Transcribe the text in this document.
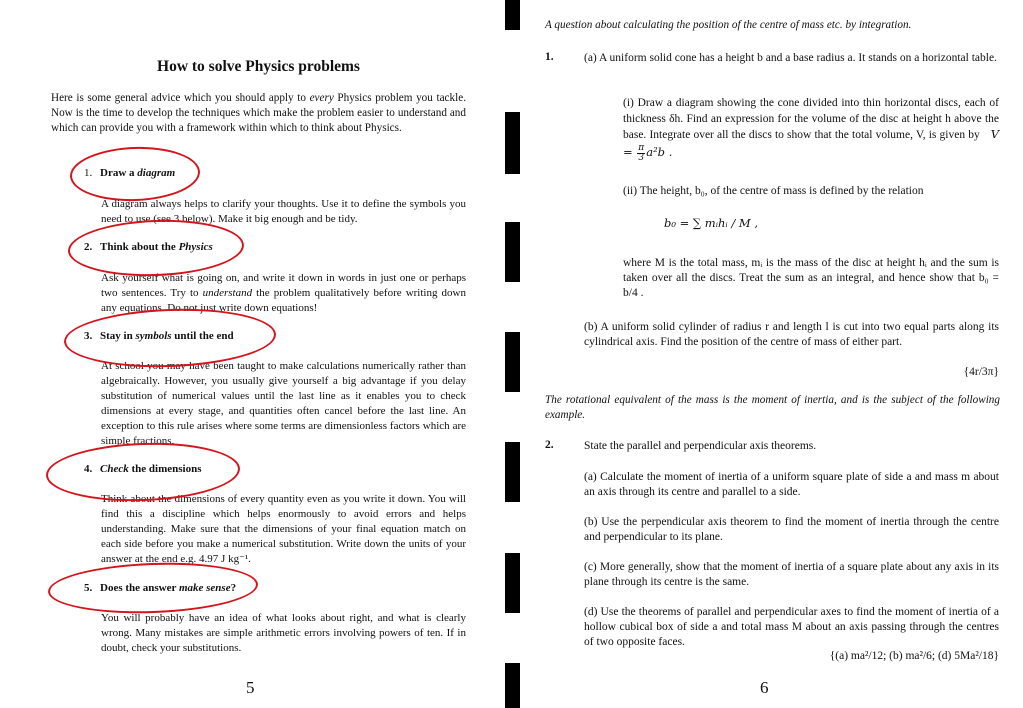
How to solve Physics problems
Here is some general advice which you should apply to every Physics problem you tackle. Now is the time to develop the techniques which make the problem easier to understand and which can provide you with a framework within which to think about Physics.
1. Draw a diagram
A diagram always helps to clarify your thoughts. Use it to define the symbols you need to use (see 3 below). Make it big enough and be tidy.
2. Think about the Physics
Ask yourself what is going on, and write it down in words in just one or perhaps two sentences. Try to understand the problem qualitatively before writing down any equations. Do not just write down equations!
3. Stay in symbols until the end
At school you may have been taught to make calculations numerically rather than algebraically. However, you usually give yourself a big advantage if you delay substitution of numerical values until the last line as it enables you to check dimensions at every stage, and quantities often cancel before the last line. An exception to this rule arises where some terms are dimensionless factors which are simple fractions.
4. Check the dimensions
Think about the dimensions of every quantity even as you write it down. You will find this a discipline which helps enormously to avoid errors and helps understanding. Make sure that the dimensions of your final equation match on each side before you make a numerical substitution. Write down the units of your answer at the end e.g. 4.97 J kg⁻¹.
5. Does the answer make sense?
You will probably have an idea of what looks about right, and what is clearly wrong. Many mistakes are simple arithmetic errors involving powers of ten. If in doubt, check your substitutions.
5
A question about calculating the position of the centre of mass etc. by integration.
1.	(a) A uniform solid cone has a height b and a base radius a. It stands on a horizontal table.
(i) Draw a diagram showing the cone divided into thin horizontal discs, each of thickness δh. Find an expression for the volume of the disc at height h above the base. Integrate over all the discs to show that the total volume, V, is given by $V = \frac{\pi}{3} a^2b$ .
(ii) The height, b₀, of the centre of mass is defined by the relation
b₀ = ∑ mᵢhᵢ / M ,
where M is the total mass, mᵢ is the mass of the disc at height hᵢ and the sum is taken over all the discs. Treat the sum as an integral, and hence show that b₀ = b/4 .
(b) A uniform solid cylinder of radius r and length l is cut into two equal parts along its cylindrical axis. Find the position of the centre of mass of either part.
{4r/3π}
The rotational equivalent of the mass is the moment of inertia, and is the subject of the following example.
2.	State the parallel and perpendicular axis theorems.
(a) Calculate the moment of inertia of a uniform square plate of side a and mass m about an axis through its centre and parallel to a side.
(b) Use the perpendicular axis theorem to find the moment of inertia through the centre and perpendicular to its plane.
(c) More generally, show that the moment of inertia of a square plate about any axis in its plane through its centre is the same.
(d) Use the theorems of parallel and perpendicular axes to find the moment of inertia of a hollow cubical box of side a and total mass M about an axis passing through the centres of two opposite faces.
{(a) ma²/12; (b) ma²/6; (d) 5Ma²/18}
6
